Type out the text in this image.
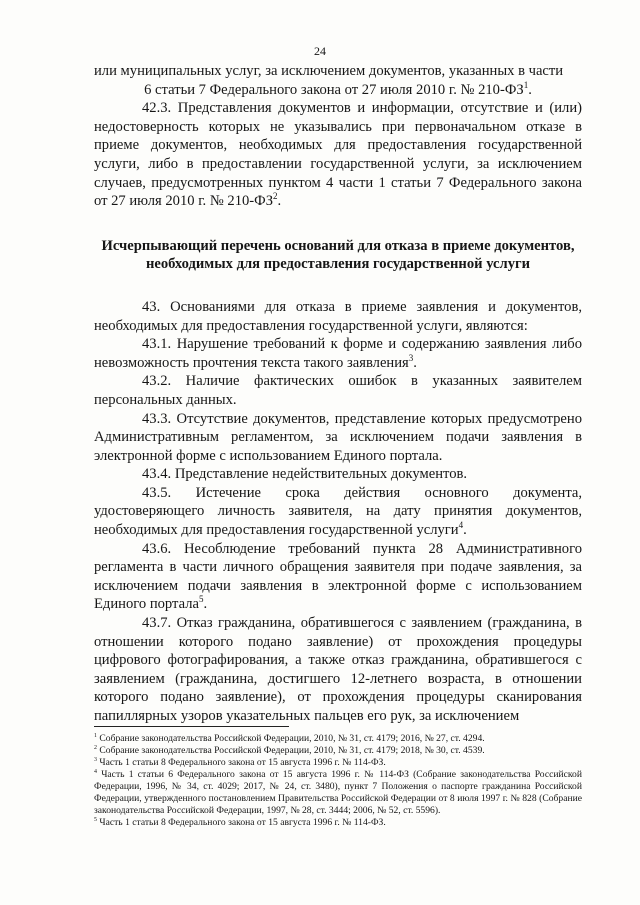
24

или муниципальных услуг, за исключением документов, указанных в части

6 статьи 7 Федерального закона от 27 июля 2010 г. № $210-ФЗ^1$.

42.3. Представления документов и информации, отсутствие и (или) недостоверность которых не указывались при первоначальном отказе в приеме документов, необходимых для предоставления государственной услуги, либо в предоставлении государственной услуги, за исключением случаев, предусмотренных пунктом 4 части 1 статьи 7 Федерального закона от 27 июля 2010 г. № $210-ФЗ^2$.

Исчерпывающий перечень оснований для отказа в приеме документов, необходимых для предоставления государственной услуги

43. Основаниями для отказа в приеме заявления и документов, необходимых для предоставления государственной услуги, являются:

43.1. Нарушение требований к форме и содержанию заявления либо невозможность прочтения текста такого заявления$^3$.

43.2. Наличие фактических ошибок в указанных заявителем персональных данных.

43.3. Отсутствие документов, представление которых предусмотрено Административным регламентом, за исключением подачи заявления в электронной форме с использованием Единого портала.

43.4. Представление недействительных документов.

43.5. Истечение срока действия основного документа, удостоверяющего личность заявителя, на дату принятия документов, необходимых для предоставления государственной услуги$^4$.

43.6. Несоблюдение требований пункта 28 Административного регламента в части личного обращения заявителя при подаче заявления, за исключением подачи заявления в электронной форме с использованием Единого портала$^5$.

43.7. Отказ гражданина, обратившегося с заявлением (гражданина, в отношении которого подано заявление) от прохождения процедуры цифрового фотографирования, а также отказ гражданина, обратившегося с заявлением (гражданина, достигшего 12-летнего возраста, в отношении которого подано заявление), от прохождения процедуры сканирования папиллярных узоров указательных пальцев его рук, за исключением

$^1$ Собрание законодательства Российской Федерации, 2010, № 31, ст. 4179; 2016, № 27, ст. 4294.

$^2$ Собрание законодательства Российской Федерации, 2010, № 31, ст. 4179; 2018, № 30, ст. 4539.

$^3$ Часть 1 статьи 8 Федерального закона от 15 августа 1996 г. № 114-ФЗ.

$^4$ Часть 1 статьи 6 Федерального закона от 15 августа 1996 г. № 114-ФЗ (Собрание законодательства Российской Федерации, 1996, № 34, ст. 4029; 2017, № 24, ст. 3480), пункт 7 Положения о паспорте гражданина Российской Федерации, утвержденного постановлением Правительства Российской Федерации от 8 июля 1997 г. № 828 (Собрание законодательства Российской Федерации, 1997, № 28, ст. 3444; 2006, № 52, ст. 5596).

$^5$ Часть 1 статьи 8 Федерального закона от 15 августа 1996 г. № 114-ФЗ.
